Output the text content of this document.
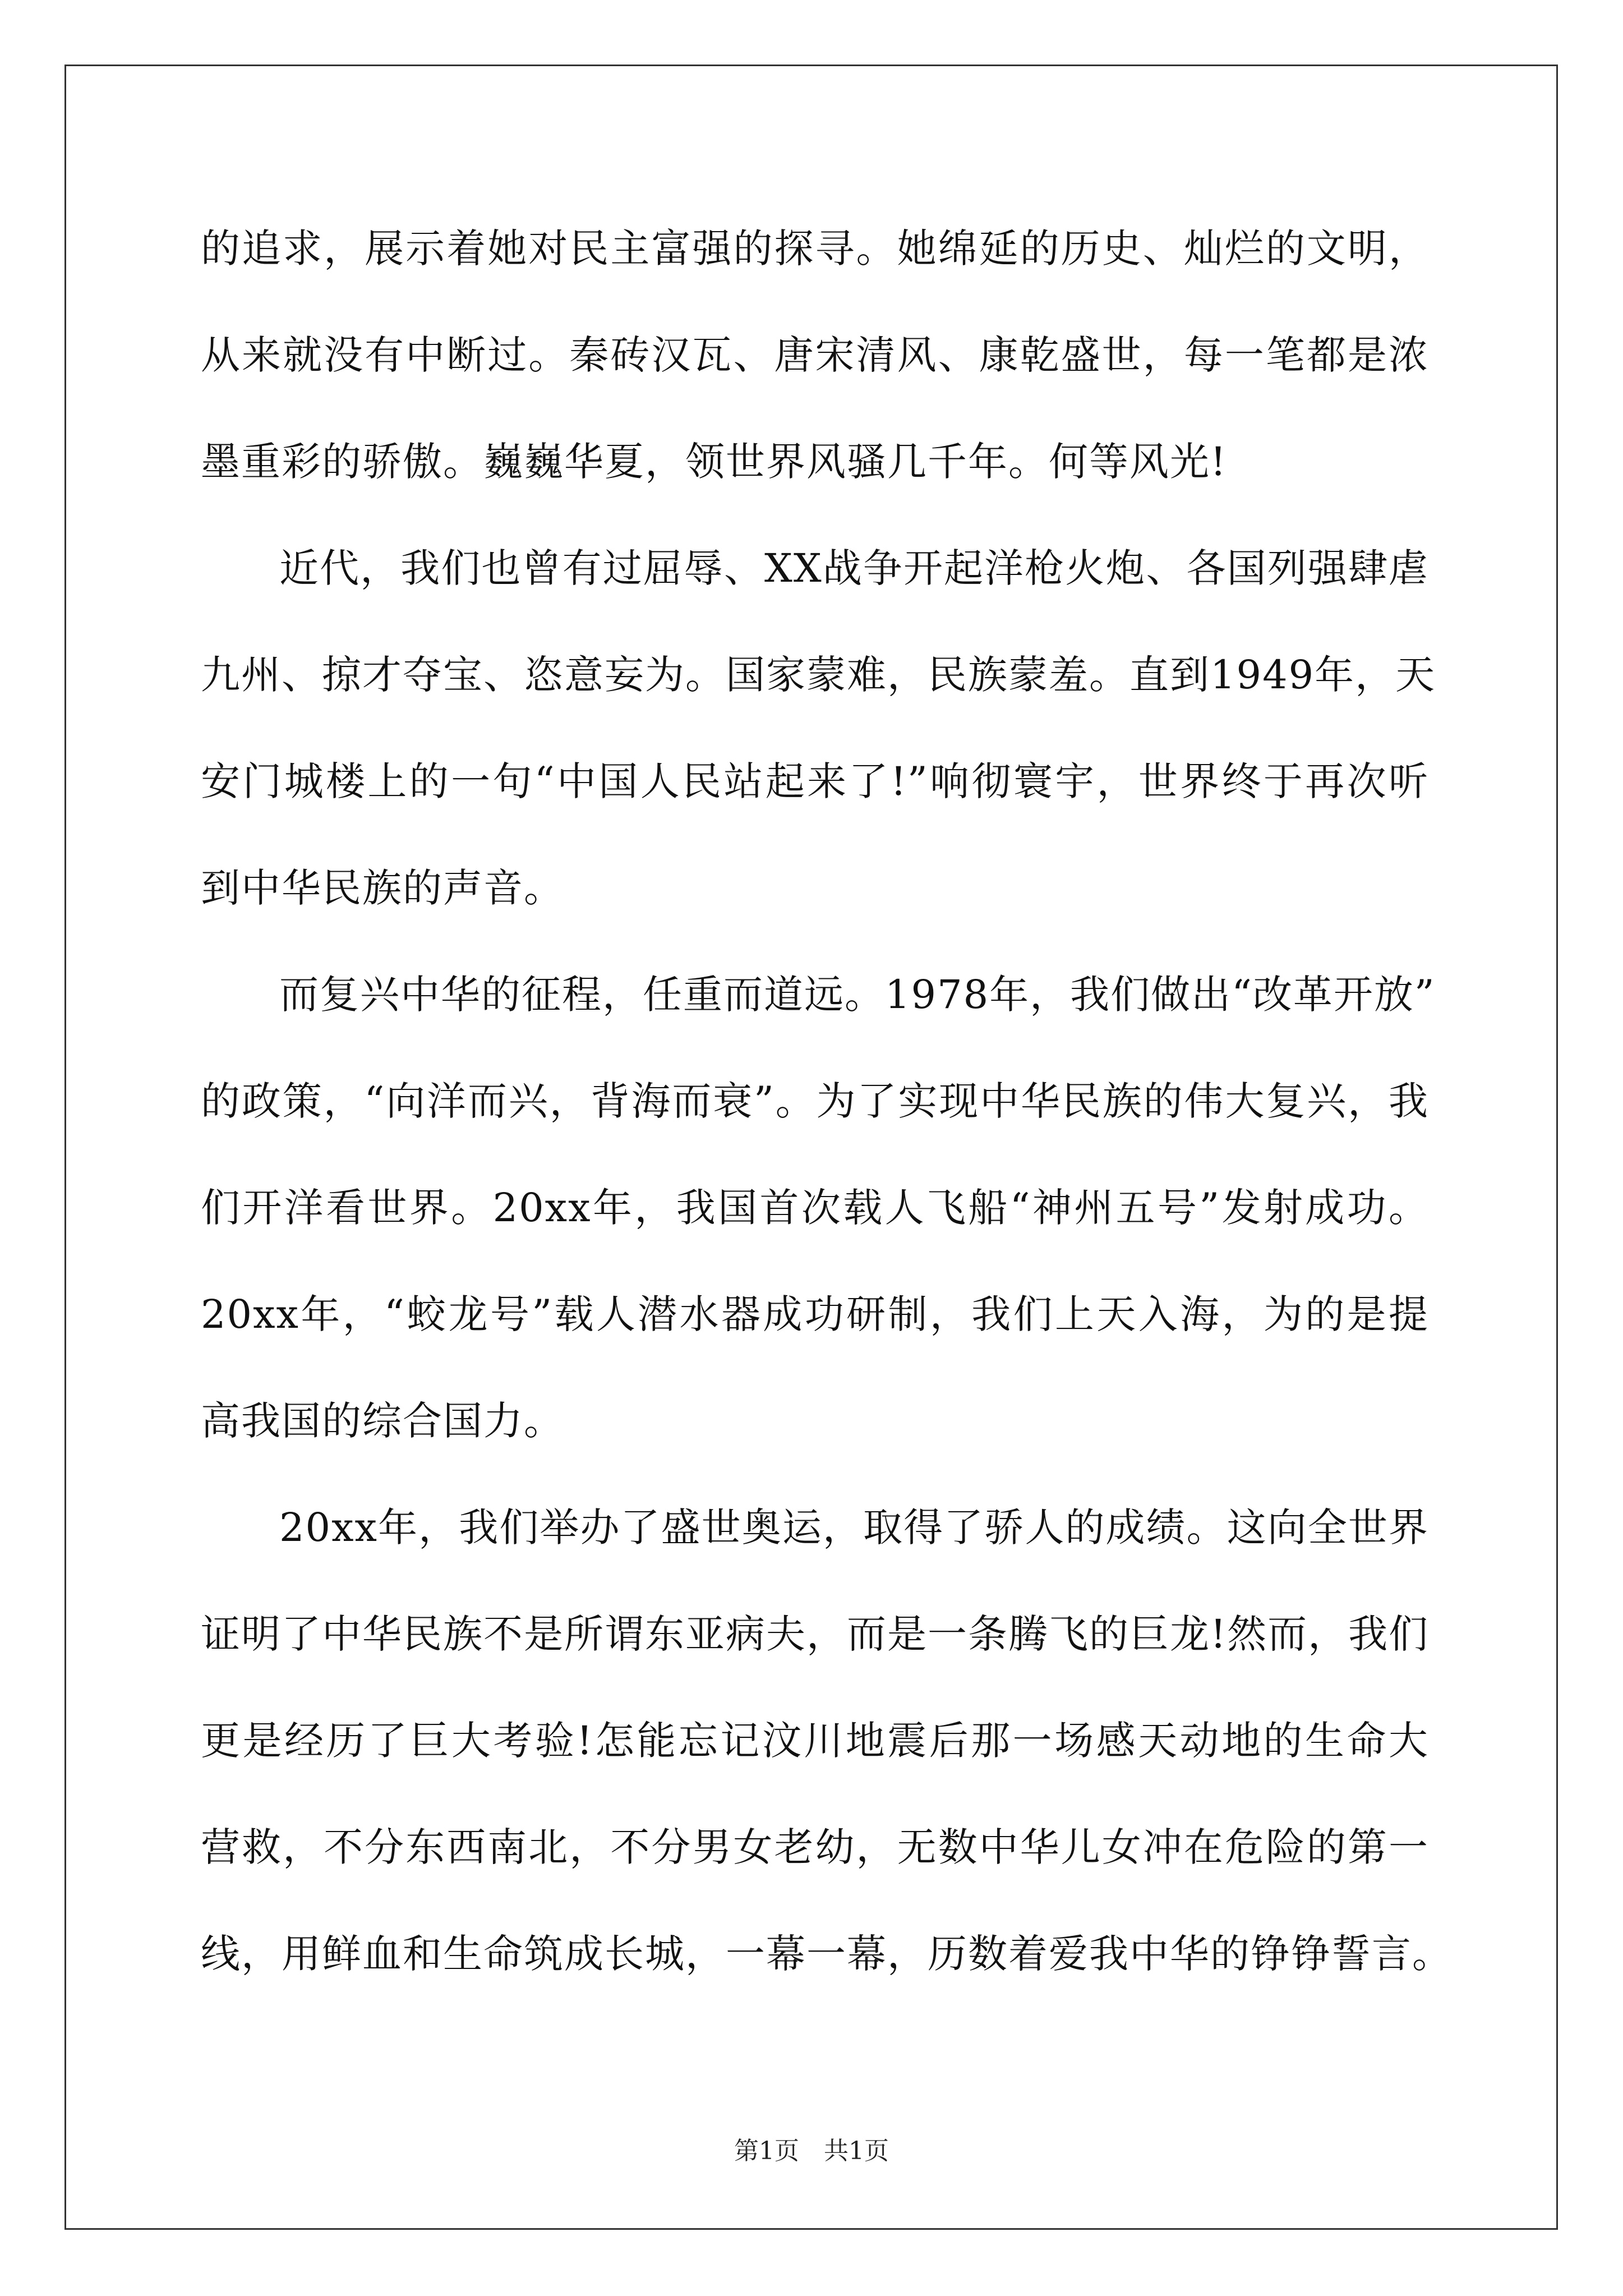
的追求，展示着她对民主富强的探寻。她绵延的历史、灿烂的文明，
从来就没有中断过。秦砖汉瓦、唐宋清风、康乾盛世，每一笔都是浓
墨重彩的骄傲。巍巍华夏，领世界风骚几千年。何等风光!
近代，我们也曾有过屈辱、XX战争开起洋枪火炮、各国列强肆虐
九州、掠才夺宝、恣意妄为。国家蒙难，民族蒙羞。直到1949年，天
安门城楼上的一句“中国人民站起来了!”响彻寰宇，世界终于再次听
到中华民族的声音。
而复兴中华的征程，任重而道远。1978年，我们做出“改革开放”
的政策，“向洋而兴，背海而衰”。为了实现中华民族的伟大复兴，我
们开洋看世界。20xx年，我国首次载人飞船“神州五号”发射成功。
20xx年，“蛟龙号”载人潜水器成功研制，我们上天入海，为的是提
高我国的综合国力。
20xx年，我们举办了盛世奥运，取得了骄人的成绩。这向全世界
证明了中华民族不是所谓东亚病夫，而是一条腾飞的巨龙!然而，我们
更是经历了巨大考验!怎能忘记汶川地震后那一场感天动地的生命大
营救，不分东西南北，不分男女老幼，无数中华儿女冲在危险的第一
线，用鲜血和生命筑成长城，一幕一幕，历数着爱我中华的铮铮誓言。
第1页 共1页
